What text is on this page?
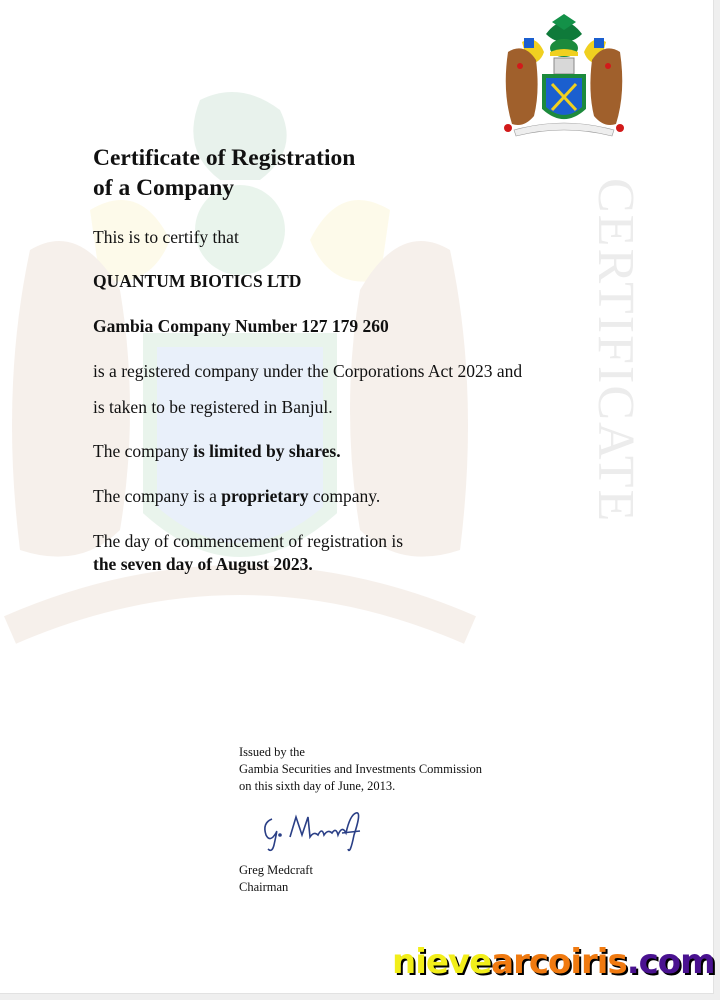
CERTIFICATE
Certificate of Registration
of a Company

This is to certify that

QUANTUM BIOTICS LTD

Gambia Company Number 127 179 260

is a registered company under the Corporations Act 2023 and

is taken to be registered in Banjul.

The company is limited by shares.

The company is a proprietary company.

The day of commencement of registration is

the seven day of August 2023.

Issued by the
Gambia Securities and Investments Commission
on this sixth day of June, 2013.
Greg Medcraft
Chairman
nievearcoiris.com
